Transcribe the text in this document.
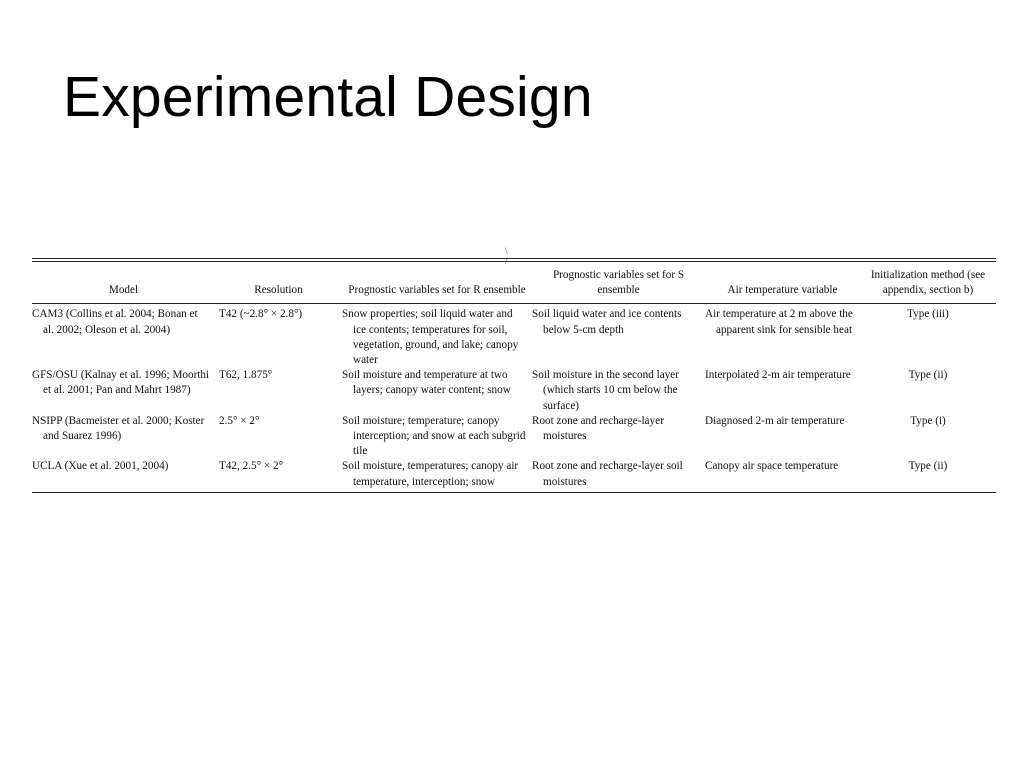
Experimental Design
\ /
Model	Resolution	Prognostic variables set for R ensemble	Prognostic variables set for S ensemble	Air temperature variable	Initialization method (see appendix, section b)
CAM3 (Collins et al. 2004; Bonan et al. 2002; Oleson et al. 2004)	T42 (~2.8° × 2.8°)	Snow properties; soil liquid water and ice contents; temperatures for soil, vegetation, ground, and lake; canopy water	Soil liquid water and ice contents below 5-cm depth	Air temperature at 2 m above the apparent sink for sensible heat	Type (iii)
GFS/OSU (Kalnay et al. 1996; Moorthi et al. 2001; Pan and Mahrt 1987)	T62, 1.875°	Soil moisture and temperature at two layers; canopy water content; snow	Soil moisture in the second layer (which starts 10 cm below the surface)	Interpolated 2-m air temperature	Type (ii)
NSIPP (Bacmeister et al. 2000; Koster and Suarez 1996)	2.5° × 2°	Soil moisture; temperature; canopy interception; and snow at each subgrid tile	Root zone and recharge-layer moistures	Diagnosed 2-m air temperature	Type (i)
UCLA (Xue et al. 2001, 2004)	T42, 2.5° × 2°	Soil moisture, temperatures; canopy air temperature, interception; snow	Root zone and recharge-layer soil moistures	Canopy air space temperature	Type (ii)
